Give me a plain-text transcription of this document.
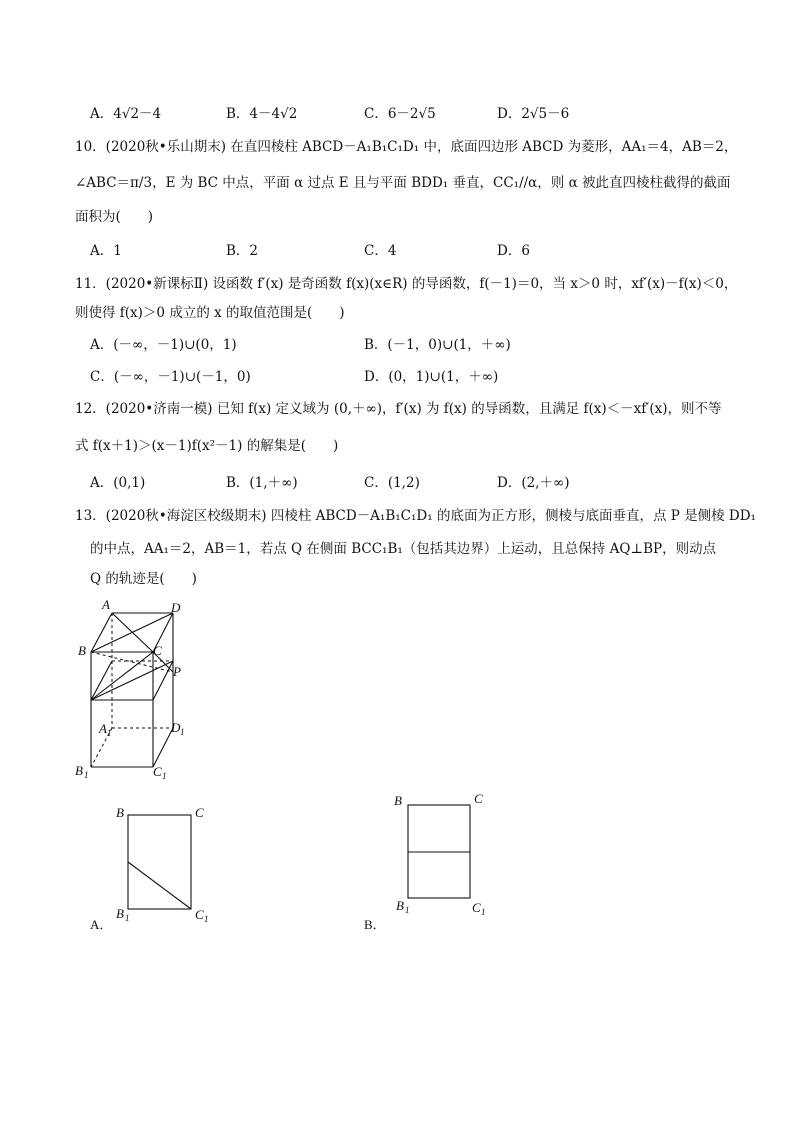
A．4√2－4	B．4－4√2	C．6－2√5	D．2√5－6
10．(2020秋•乐山期末) 在直四棱柱 ABCD－A₁B₁C₁D₁ 中，底面四边形 ABCD 为菱形，AA₁＝4，AB＝2，
∠ABC＝π/3，E 为 BC 中点，平面 α 过点 E 且与平面 BDD₁ 垂直，CC₁//α，则 α 被此直四棱柱截得的截面
面积为(　　)
A．1	B．2	C．4	D．6
11．(2020•新课标Ⅱ) 设函数 f′(x) 是奇函数 f(x)(x∈R) 的导函数，f(－1)＝0，当 x＞0 时，xf′(x)－f(x)＜0，
则使得 f(x)＞0 成立的 x 的取值范围是(　　)
A．(－∞，－1)∪(0，1)	B．(－1，0)∪(1，＋∞)
C．(－∞，－1)∪(－1，0)	D．(0，1)∪(1，＋∞)
12．(2020•济南一模) 已知 f(x) 定义域为 (0,＋∞)，f′(x) 为 f(x) 的导函数，且满足 f(x)＜－xf′(x)，则不等
式 f(x＋1)＞(x－1)f(x²－1) 的解集是(　　)
A．(0,1)	B．(1,＋∞)	C．(1,2)	D．(2,＋∞)
13．(2020秋•海淀区校级期末) 四棱柱 ABCD－A₁B₁C₁D₁ 的底面为正方形，侧棱与底面垂直，点 P 是侧棱 DD₁
的中点，AA₁＝2，AB＝1，若点 Q 在侧面 BCC₁B₁（包括其边界）上运动，且总保持 AQ⊥BP，则动点
Q 的轨迹是(　　)
A	D
B	C
P
A 1	D 1
B 1	C 1
B	C
B 1	C 1
A．
B	C
B 1	C 1
B．
